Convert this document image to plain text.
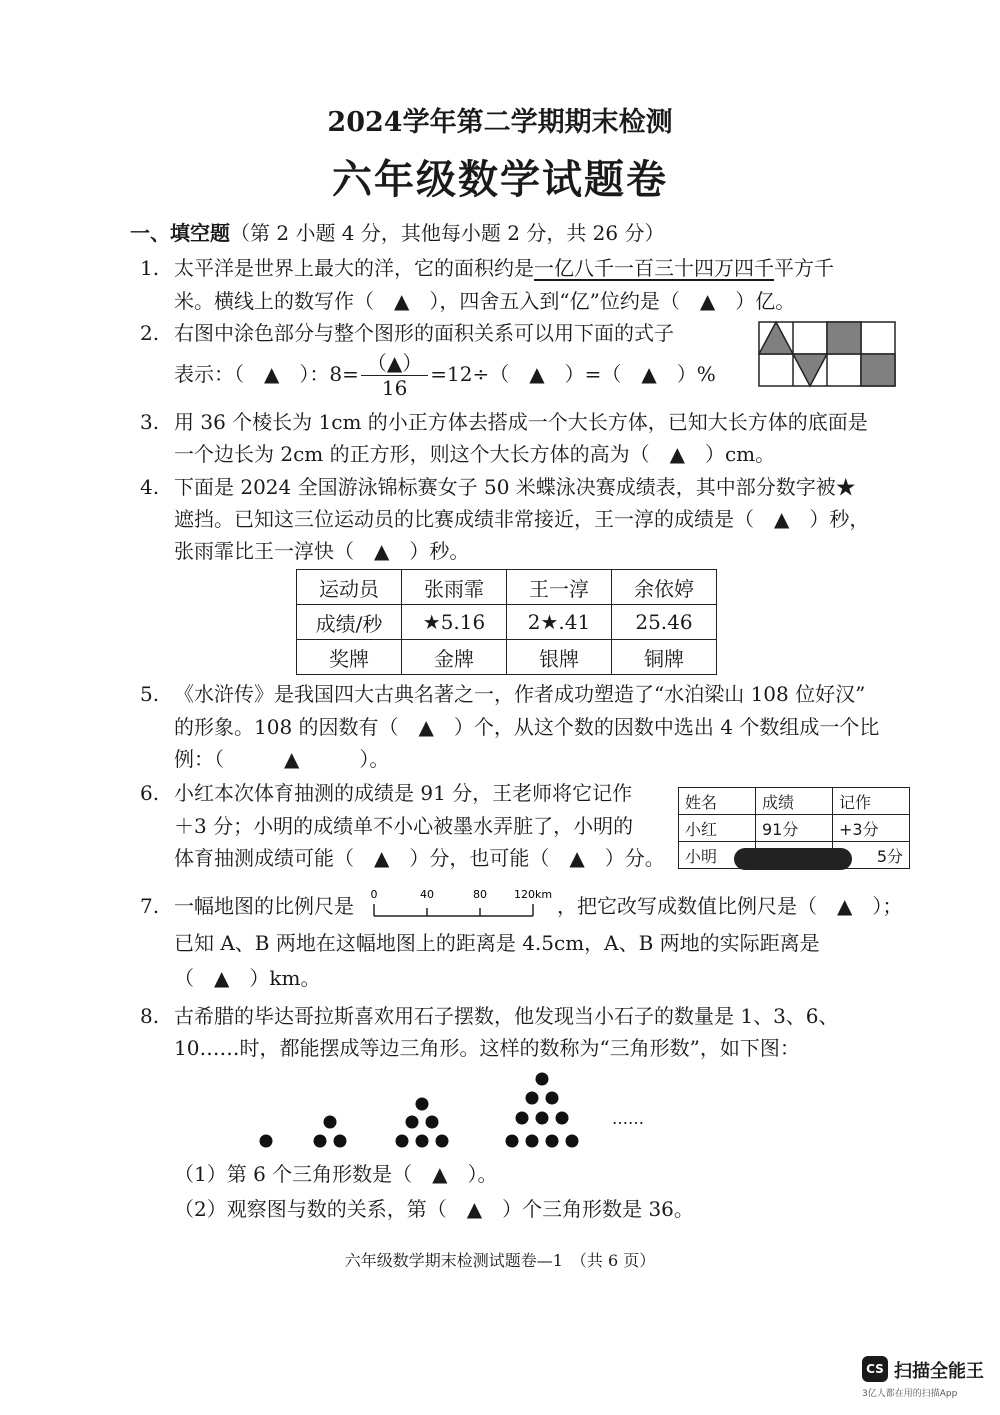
2024学年第二学期期末检测
六年级数学试题卷
一、填空题（第 2 小题 4 分，其他每小题 2 分，共 26 分）
1. 太平洋是世界上最大的洋，它的面积约是一亿八千一百三十四万四千平方千
米。横线上的数写作（　▲　），四舍五入到“亿”位约是（　▲　）亿。
2. 右图中涂色部分与整个图形的面积关系可以用下面的式子
表示：（　▲　）：$8= \frac{(▲)}{16} =12\div$（　▲　）=（　▲　）%
3. 用 36 个棱长为 1cm 的小正方体去搭成一个大长方体，已知大长方体的底面是
一个边长为 2cm 的正方形，则这个大长方体的高为（　▲　）cm。
4. 下面是 2024 全国游泳锦标赛女子 50 米蝶泳决赛成绩表，其中部分数字被★
遮挡。已知这三位运动员的比赛成绩非常接近，王一淳的成绩是（　▲　）秒，
张雨霏比王一淳快（　▲　）秒。
运动员	张雨霏	王一淳	余依婷
成绩/秒	★5.16	2★.41	25.46
奖牌	金牌	银牌	铜牌
5. 《水浒传》是我国四大古典名著之一，作者成功塑造了“水泊梁山 108 位好汉”
的形象。108 的因数有（　▲　）个，从这个数的因数中选出 4 个数组成一个比
例：（　　　▲　　　）。
6. 小红本次体育抽测的成绩是 91 分，王老师将它记作
＋3 分；小明的成绩单不小心被墨水弄脏了，小明的
体育抽测成绩可能（　▲　）分，也可能（　▲　）分。
姓名	成绩	记作
小红	91分	+3分
小明		5分
7. 一幅地图的比例尺是 0	40	80 120km ，把它改写成数值比例尺是（　▲　）；
已知 A、B 两地在这幅地图上的距离是 4.5cm，A、B 两地的实际距离是
（　▲　）km。
8. 古希腊的毕达哥拉斯喜欢用石子摆数，他发现当小石子的数量是 1、3、6、
10……时，都能摆成等边三角形。这样的数称为“三角形数”，如下图：
……
（1）第 6 个三角形数是（　▲　）。
（2）观察图与数的关系，第（　▲　）个三角形数是 36。
六年级数学期末检测试题卷—1　（共 6 页）
CS 扫描全能王
3亿人都在用的扫描App
